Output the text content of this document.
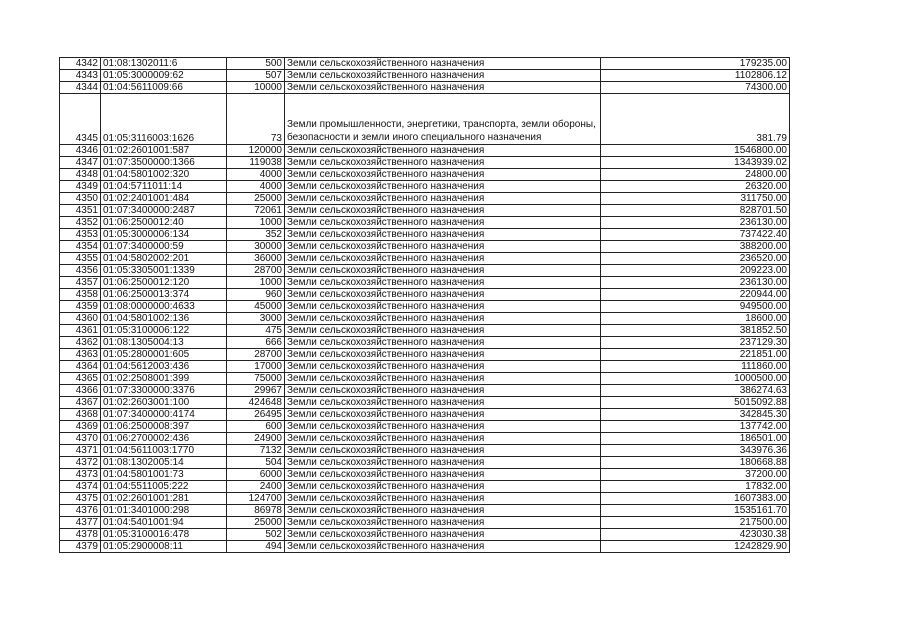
4342	01:08:1302011:6	500	Земли сельскохозяйственного назначения	179235.00
4343	01:05:3000009:62	507	Земли сельскохозяйственного назначения	1102806.12
4344	01:04:5611009:66	10000	Земли сельскохозяйственного назначения	74300.00
4345	01:05:3116003:1626	73	Земли промышленности, энергетики, транспорта, земли обороны, безопасности и земли иного специального назначения	381.79
4346	01:02:2601001:587	120000	Земли сельскохозяйственного назначения	1546800.00
4347	01:07:3500000:1366	119038	Земли сельскохозяйственного назначения	1343939.02
4348	01:04:5801002:320	4000	Земли сельскохозяйственного назначения	24800.00
4349	01:04:5711011:14	4000	Земли сельскохозяйственного назначения	26320.00
4350	01:02:2401001:484	25000	Земли сельскохозяйственного назначения	311750.00
4351	01:07:3400000:2487	72061	Земли сельскохозяйственного назначения	828701.50
4352	01:06:2500012:40	1000	Земли сельскохозяйственного назначения	236130.00
4353	01:05:3000006:134	352	Земли сельскохозяйственного назначения	737422.40
4354	01:07:3400000:59	30000	Земли сельскохозяйственного назначения	388200.00
4355	01:04:5802002:201	36000	Земли сельскохозяйственного назначения	236520.00
4356	01:05:3305001:1339	28700	Земли сельскохозяйственного назначения	209223.00
4357	01:06:2500012:120	1000	Земли сельскохозяйственного назначения	236130.00
4358	01:06:2500013:374	960	Земли сельскохозяйственного назначения	220944.00
4359	01:08:0000000:4633	45000	Земли сельскохозяйственного назначения	949500.00
4360	01:04:5801002:136	3000	Земли сельскохозяйственного назначения	18600.00
4361	01:05:3100006:122	475	Земли сельскохозяйственного назначения	381852.50
4362	01:08:1305004:13	666	Земли сельскохозяйственного назначения	237129.30
4363	01:05:2800001:605	28700	Земли сельскохозяйственного назначения	221851.00
4364	01:04:5612003:436	17000	Земли сельскохозяйственного назначения	111860.00
4365	01:02:2508001:399	75000	Земли сельскохозяйственного назначения	1000500.00
4366	01:07:3300000:3376	29967	Земли сельскохозяйственного назначения	386274.63
4367	01:02:2603001:100	424648	Земли сельскохозяйственного назначения	5015092.88
4368	01:07:3400000:4174	26495	Земли сельскохозяйственного назначения	342845.30
4369	01:06:2500008:397	600	Земли сельскохозяйственного назначения	137742.00
4370	01:06:2700002:436	24900	Земли сельскохозяйственного назначения	186501.00
4371	01:04:5611003:1770	7132	Земли сельскохозяйственного назначения	343976.36
4372	01:08:1302005:14	504	Земли сельскохозяйственного назначения	180668.88
4373	01:04:5801001:73	6000	Земли сельскохозяйственного назначения	37200.00
4374	01:04:5511005:222	2400	Земли сельскохозяйственного назначения	17832.00
4375	01:02:2601001:281	124700	Земли сельскохозяйственного назначения	1607383.00
4376	01:01:3401000:298	86978	Земли сельскохозяйственного назначения	1535161.70
4377	01:04:5401001:94	25000	Земли сельскохозяйственного назначения	217500.00
4378	01:05:3100016:478	502	Земли сельскохозяйственного назначения	423030.38
4379	01:05:2900008:11	494	Земли сельскохозяйственного назначения	1242829.90
